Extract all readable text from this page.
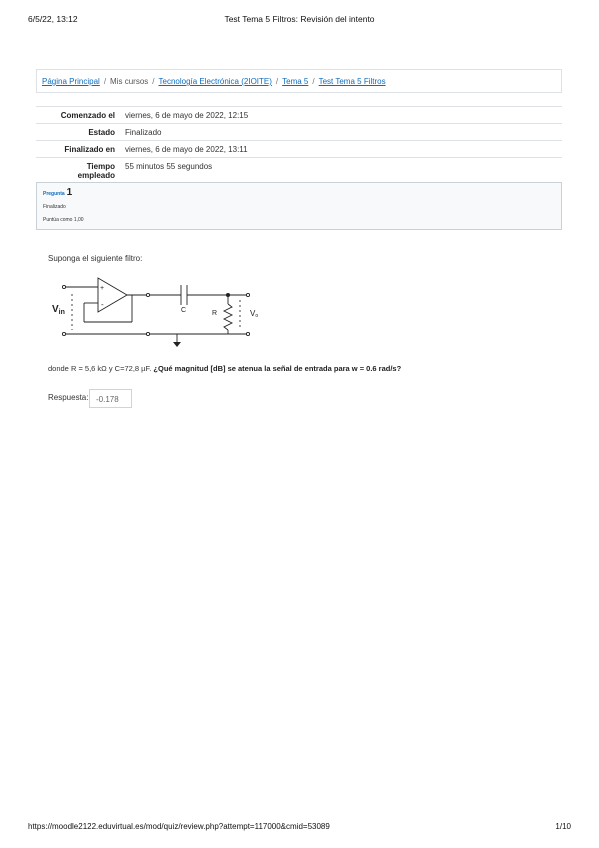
6/5/22, 13:12	Test Tema 5 Filtros: Revisión del intento
Página Principal / Mis cursos / Tecnología Electrónica (2IOITE) / Tema 5 / Test Tema 5 Filtros
Comenzado el	viernes, 6 de mayo de 2022, 12:15
Estado	Finalizado
Finalizado en	viernes, 6 de mayo de 2022, 13:11
Tiempo
empleado	55 minutos 55 segundos
Pregunta 1
Finalizado
Puntúa como 1,00
Suponga el siguiente filtro:
$V_{in}$
+
-
C	R	Vo
donde R = 5,6 kΩ y C=72,8 µF. ¿Qué magnitud [dB] se atenua la señal de entrada para w = 0.6 rad/s?
Respuesta: -0.178
https://moodle2122.eduvirtual.es/mod/quiz/review.php?attempt=117000&cmid=53089	1/10
